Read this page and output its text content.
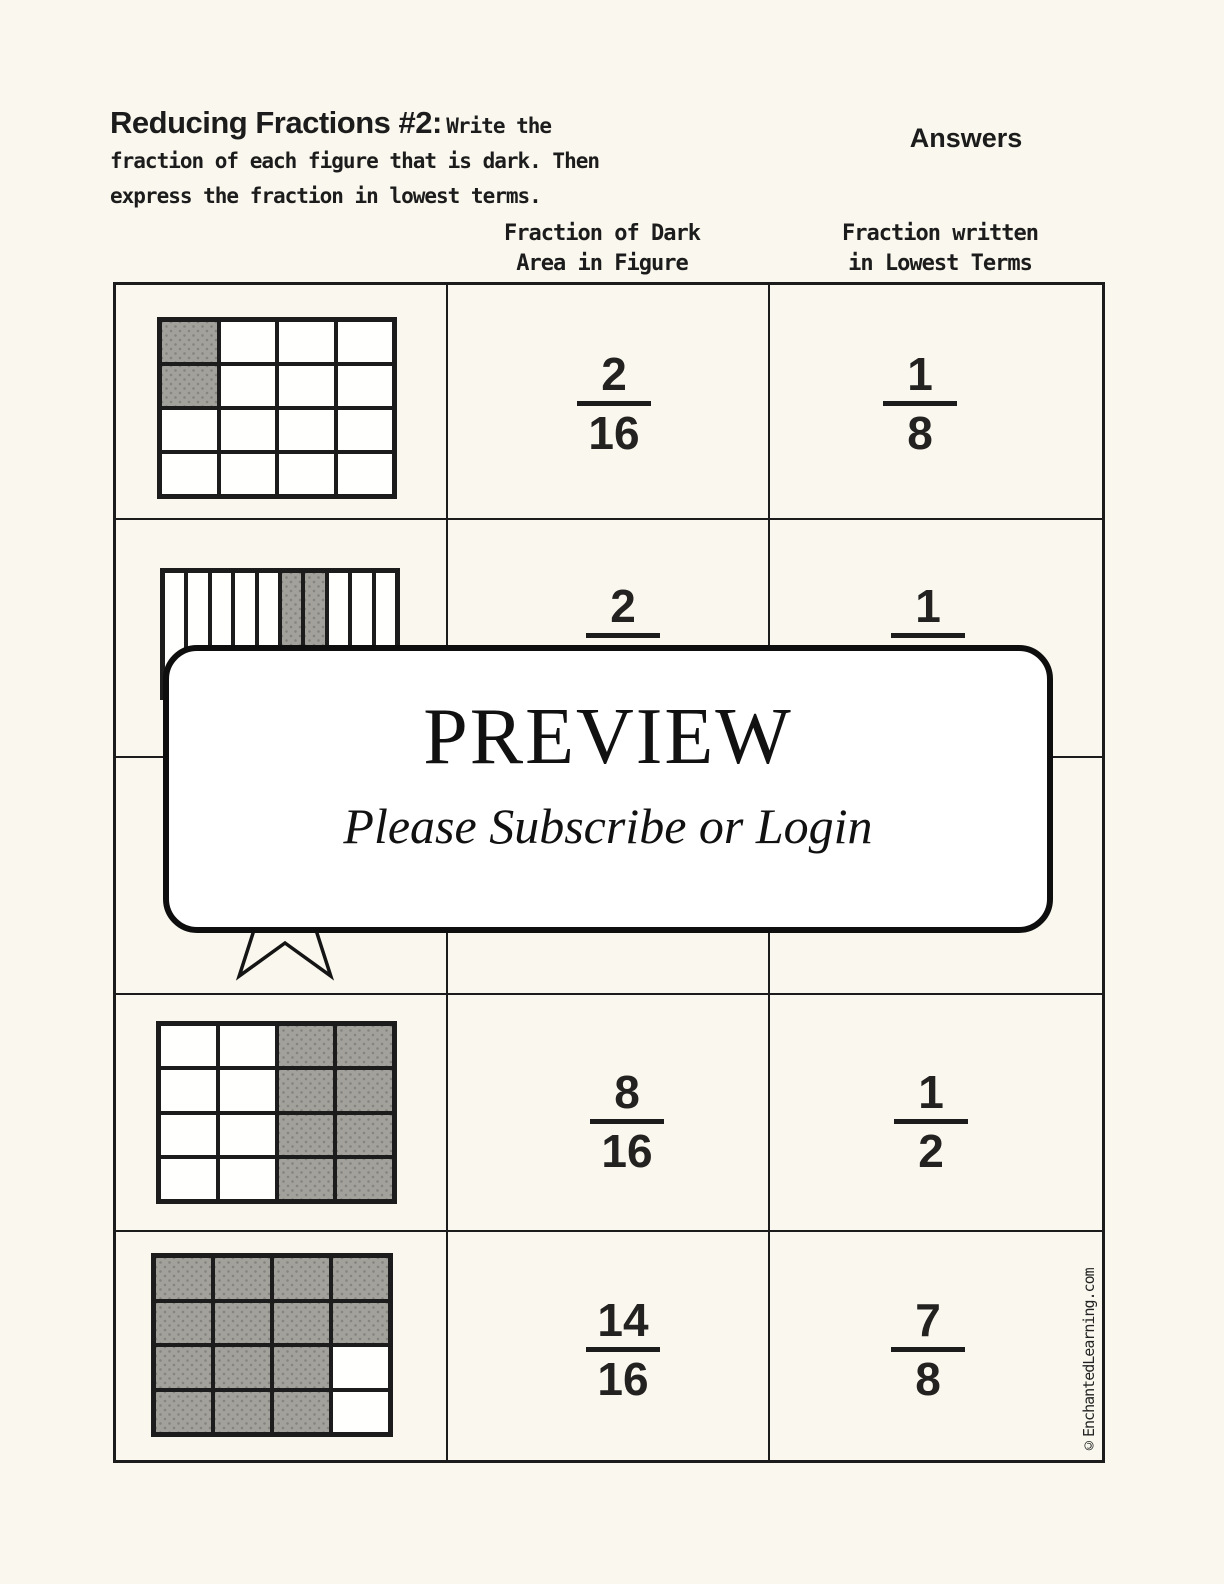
Reducing Fractions #2: Write the
fraction of each figure that is dark. Then
express the fraction in lowest terms.
Answers
Fraction of Dark
Area in Figure
Fraction written
in Lowest Terms
2
16
1
8
2	1
8
16
1
2
14
16
7
8
PREVIEW
Please Subscribe or Login
©EnchantedLearning.com
